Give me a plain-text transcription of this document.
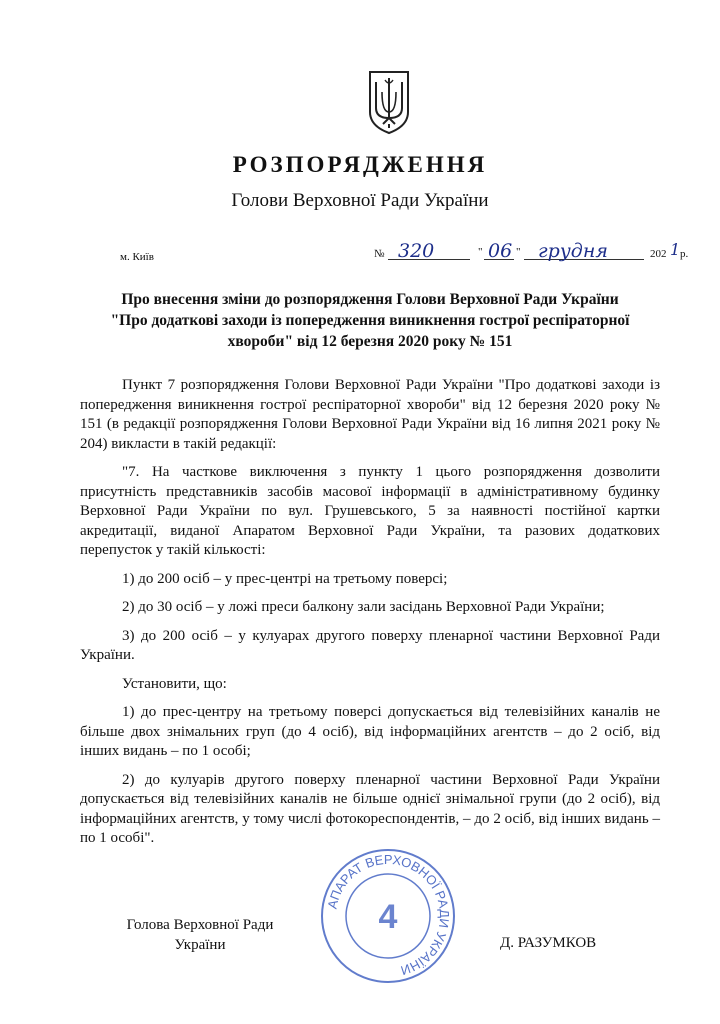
РОЗПОРЯДЖЕННЯ
Голови Верховної Ради України
м. Київ	№ 320	" 06 " грудня	202 1 р.
Про внесення зміни до розпорядження Голови Верховної Ради України
"Про додаткові заходи із попередження виникнення гострої респіраторної
хвороби" від 12 березня 2020 року № 151

Пункт 7 розпорядження Голови Верховної Ради України "Про додаткові заходи із попередження виникнення гострої респіраторної хвороби" від 12 березня 2020 року № 151 (в редакції розпорядження Голови Верховної Ради України від 16 липня 2021 року № 204) викласти в такій редакції:

"7. На часткове виключення з пункту 1 цього розпорядження дозволити присутність представників засобів масової інформації в адміністративному будинку Верховної Ради України по вул. Грушевського, 5 за наявності постійної картки акредитації, виданої Апаратом Верховної Ради України, та разових додаткових перепусток у такій кількості:

1) до 200 осіб – у прес-центрі на третьому поверсі;

2) до 30 осіб – у ложі преси балкону зали засідань Верховної Ради України;

3) до 200 осіб – у кулуарах другого поверху пленарної частини Верховної Ради України.

Установити, що:

1) до прес-центру на третьому поверсі допускається від телевізійних каналів не більше двох знімальних груп (до 4 осіб), від інформаційних агентств – до 2 осіб, від інших видань – по 1 особі;

2) до кулуарів другого поверху пленарної частини Верховної Ради України допускається від телевізійних каналів не більше однієї знімальної групи (до 2 осіб), від інформаційних агентств, у тому числі фотокореспондентів, – до 2 осіб, від інших видань – по 1 особі".

Голова Верховної Ради
України
АПАРАТ ВЕРХОВНОЇ РАДИ УКРАЇНИ
4
Д. РАЗУМКОВ
